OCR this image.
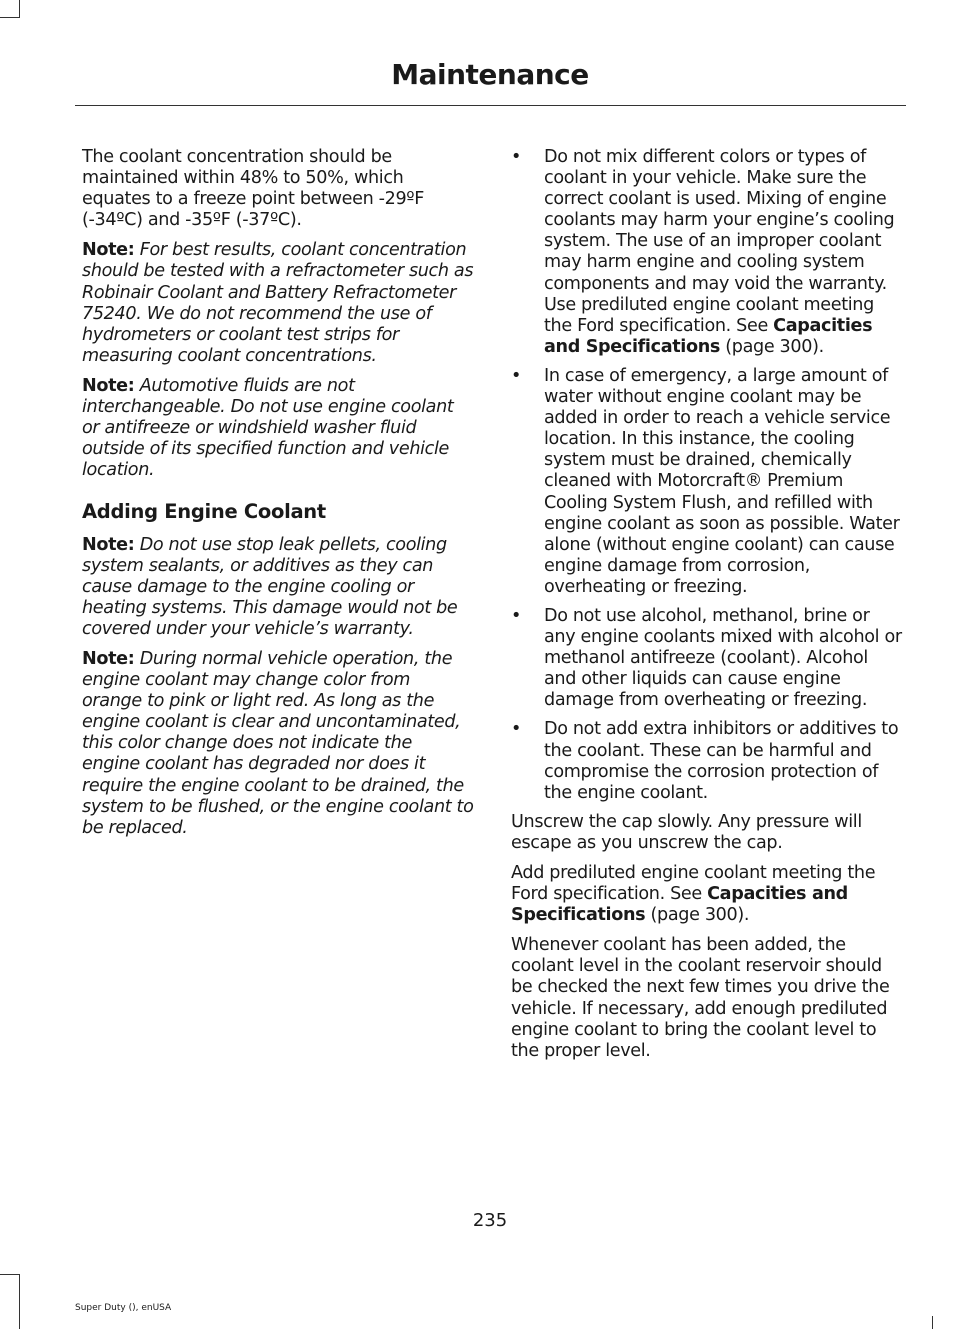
Maintenance

The coolant concentration should be maintained within 48% to 50%, which equates to a freeze point between -29ºF (-34ºC) and -35ºF (-37ºC).

Note: For best results, coolant concentration should be tested with a refractometer such as Robinair Coolant and Battery Refractometer 75240. We do not recommend the use of hydrometers or coolant test strips for measuring coolant concentrations.

Note: Automotive fluids are not interchangeable. Do not use engine coolant or antifreeze or windshield washer fluid outside of its specified function and vehicle location.

Adding Engine Coolant

Note: Do not use stop leak pellets, cooling system sealants, or additives as they can cause damage to the engine cooling or heating systems. This damage would not be covered under your vehicle’s warranty.

Note: During normal vehicle operation, the engine coolant may change color from orange to pink or light red. As long as the engine coolant is clear and uncontaminated, this color change does not indicate the engine coolant has degraded nor does it require the engine coolant to be drained, the system to be flushed, or the engine coolant to be replaced.

• Do not mix different colors or types of coolant in your vehicle. Make sure the correct coolant is used. Mixing of engine coolants may harm your engine’s cooling system. The use of an improper coolant may harm engine and cooling system components and may void the warranty. Use prediluted engine coolant meeting the Ford specification. See Capacities and Specifications (page 300).
• In case of emergency, a large amount of water without engine coolant may be added in order to reach a vehicle service location. In this instance, the cooling system must be drained, chemically cleaned with Motorcraft® Premium Cooling System Flush, and refilled with engine coolant as soon as possible. Water alone (without engine coolant) can cause engine damage from corrosion, overheating or freezing.
• Do not use alcohol, methanol, brine or any engine coolants mixed with alcohol or methanol antifreeze (coolant). Alcohol and other liquids can cause engine damage from overheating or freezing.
• Do not add extra inhibitors or additives to the coolant. These can be harmful and compromise the corrosion protection of the engine coolant.

Unscrew the cap slowly. Any pressure will escape as you unscrew the cap.

Add prediluted engine coolant meeting the Ford specification. See Capacities and Specifications (page 300).

Whenever coolant has been added, the coolant level in the coolant reservoir should be checked the next few times you drive the vehicle. If necessary, add enough prediluted engine coolant to bring the coolant level to the proper level.

235
Super Duty (), enUSA
